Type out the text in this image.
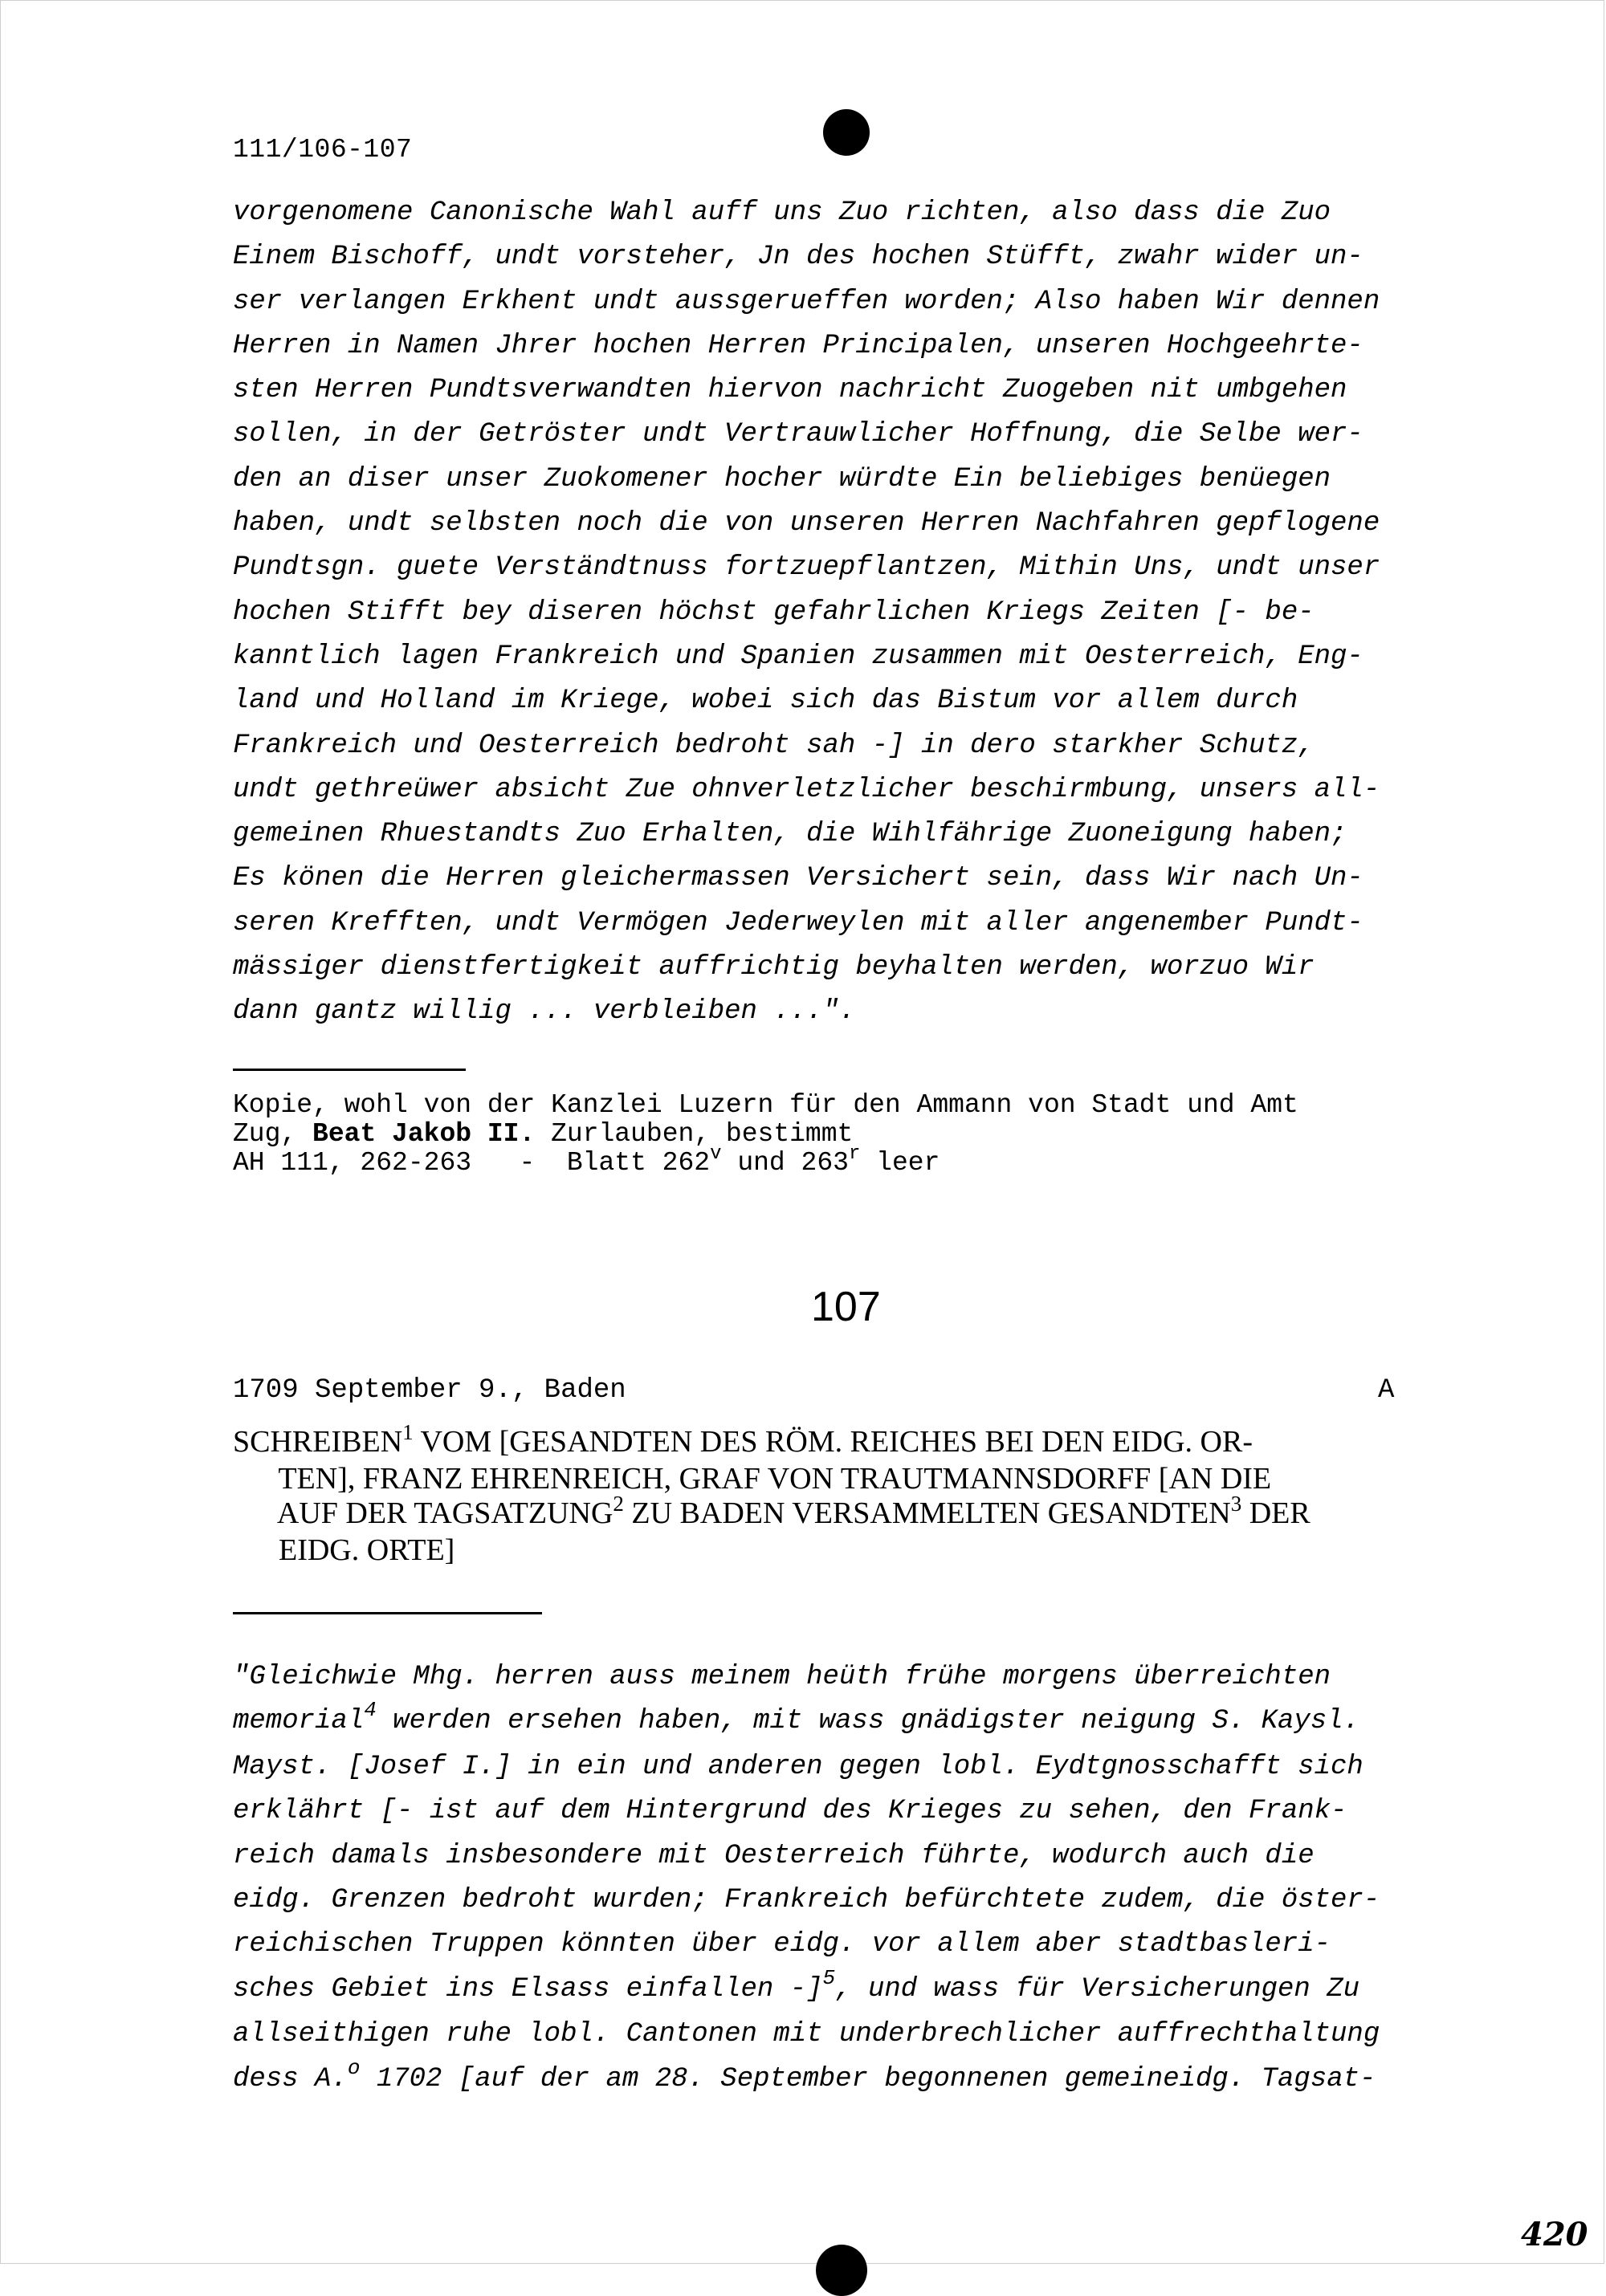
111/106-107
vorgenomene Canonische Wahl auff uns Zuo richten, also dass die Zuo
Einem Bischoff, undt vorsteher, Jn des hochen Stüfft, zwahr wider un-
ser verlangen Erkhent undt aussgerueffen worden; Also haben Wir dennen
Herren in Namen Jhrer hochen Herren Principalen, unseren Hochgeehrte-
sten Herren Pundtsverwandten hiervon nachricht Zuogeben nit umbgehen
sollen, in der Getröster undt Vertrauwlicher Hoffnung, die Selbe wer-
den an diser unser Zuokomener hocher würdte Ein beliebiges benüegen
haben, undt selbsten noch die von unseren Herren Nachfahren gepflogene
Pundtsgn. guete Verständtnuss fortzuepflantzen, Mithin Uns, undt unser
hochen Stifft bey diseren höchst gefahrlichen Kriegs Zeiten [- be-
kanntlich lagen Frankreich und Spanien zusammen mit Oesterreich, Eng-
land und Holland im Kriege, wobei sich das Bistum vor allem durch
Frankreich und Oesterreich bedroht sah -] in dero starkher Schutz,
undt gethreüwer absicht Zue ohnverletzlicher beschirmbung, unsers all-
gemeinen Rhuestandts Zuo Erhalten, die Wihlfährige Zuoneigung haben;
Es könen die Herren gleichermassen Versichert sein, dass Wir nach Un-
seren Krefften, undt Vermögen Jederweylen mit aller angenember Pundt-
mässiger dienstfertigkeit auffrichtig beyhalten werden, worzuo Wir
dann gantz willig ... verbleiben ...".
Kopie, wohl von der Kanzlei Luzern für den Ammann von Stadt und Amt
Zug, Beat Jakob II. Zurlauben, bestimmt
AH 111, 262-263   -  Blatt 262$^v$ und 263$^r$ leer
107
1709 September 9., Baden	A
SCHREIBEN$^1$ VOM [GESANDTEN DES RÖM. REICHES BEI DEN EIDG. OR-
TEN], FRANZ EHRENREICH, GRAF VON TRAUTMANNSDORFF [AN DIE
AUF DER TAGSATZUNG$^2$ ZU BADEN VERSAMMELTEN GESANDTEN$^3$ DER
EIDG. ORTE]
"Gleichwie Mhg. herren auss meinem heüth frühe morgens überreichten
memorial$^4$ werden ersehen haben, mit wass gnädigster neigung S. Kaysl.
Mayst. [Josef I.] in ein und anderen gegen lobl. Eydtgnosschafft sich
erklährt [- ist auf dem Hintergrund des Krieges zu sehen, den Frank-
reich damals insbesondere mit Oesterreich führte, wodurch auch die
eidg. Grenzen bedroht wurden; Frankreich befürchtete zudem, die öster-
reichischen Truppen könnten über eidg. vor allem aber stadtbasleri-
sches Gebiet ins Elsass einfallen -]$^5$, und wass für Versicherungen Zu
allseithigen ruhe lobl. Cantonen mit underbrechlicher auffrechthaltung
dess A.$^o$ 1702 [auf der am 28. September begonnenen gemeineidg. Tagsat-
420
